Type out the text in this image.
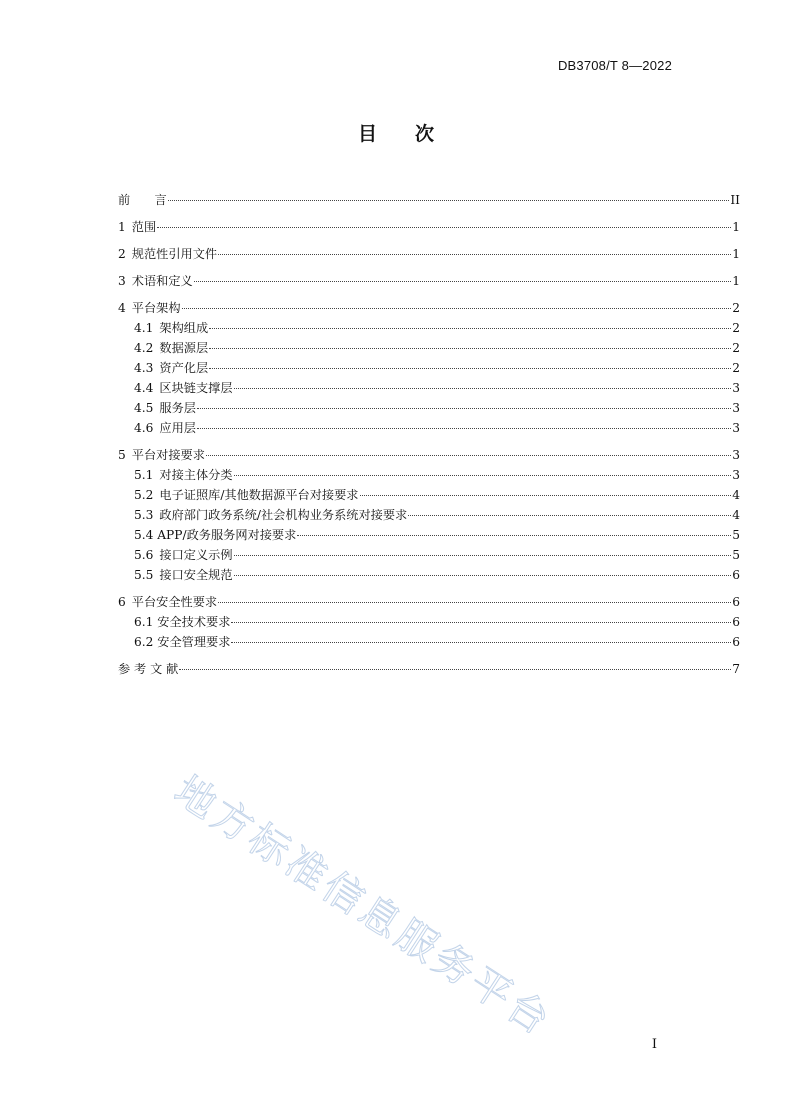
DB3708/T 8—2022
目 次
前　　言	II
1 范围	1
2 规范性引用文件	1
3 术语和定义	1
4 平台架构	2
4.1 架构组成	2
4.2 数据源层	2
4.3 资产化层	2
4.4 区块链支撑层	3
4.5 服务层	3
4.6 应用层	3
5 平台对接要求	3
5.1 对接主体分类	3
5.2 电子证照库/其他数据源平台对接要求	4
5.3 政府部门政务系统/社会机构业务系统对接要求	4
5.4 APP/政务服务网对接要求	5
5.6 接口定义示例	5
5.5 接口安全规范	6
6 平台安全性要求	6
6.1 安全技术要求	6
6.2 安全管理要求	6
参 考 文 献	7
地方标准信息服务平台	I
